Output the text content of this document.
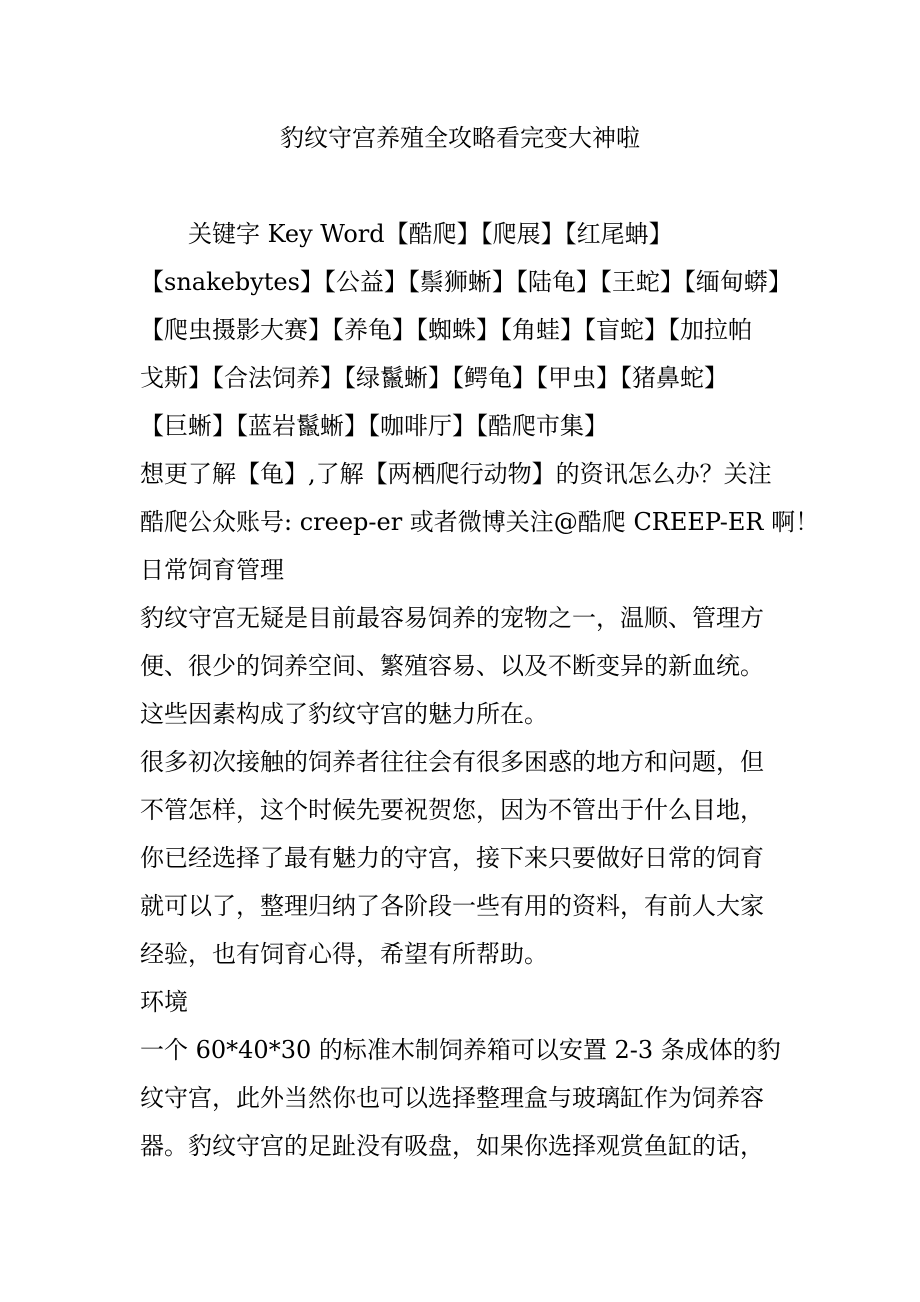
豹纹守宫养殖全攻略看完变大神啦
关键字 Key Word【酷爬】【爬展】【红尾蚺】
【snakebytes】【公益】【鬃狮蜥】【陆龟】【王蛇】【缅甸蟒】
【爬虫摄影大赛】【养龟】【蜘蛛】【角蛙】【盲蛇】【加拉帕
戈斯】【合法饲养】【绿鬣蜥】【鳄龟】【甲虫】【猪鼻蛇】
【巨蜥】【蓝岩鬣蜥】【咖啡厅】【酷爬市集】
想更了解【龟】,了解【两栖爬行动物】的资讯怎么办？关注
酷爬公众账号: creep-er 或者微博关注@酷爬 CREEP-ER 啊！
日常饲育管理
豹纹守宫无疑是目前最容易饲养的宠物之一，温顺、管理方
便、很少的饲养空间、繁殖容易、以及不断变异的新血统。
这些因素构成了豹纹守宫的魅力所在。
很多初次接触的饲养者往往会有很多困惑的地方和问题，但
不管怎样，这个时候先要祝贺您，因为不管出于什么目地，
你已经选择了最有魅力的守宫，接下来只要做好日常的饲育
就可以了，整理归纳了各阶段一些有用的资料，有前人大家
经验，也有饲育心得，希望有所帮助。
环境
一个 60*40*30 的标准木制饲养箱可以安置 2-3 条成体的豹
纹守宫，此外当然你也可以选择整理盒与玻璃缸作为饲养容
器。豹纹守宫的足趾没有吸盘，如果你选择观赏鱼缸的话，
